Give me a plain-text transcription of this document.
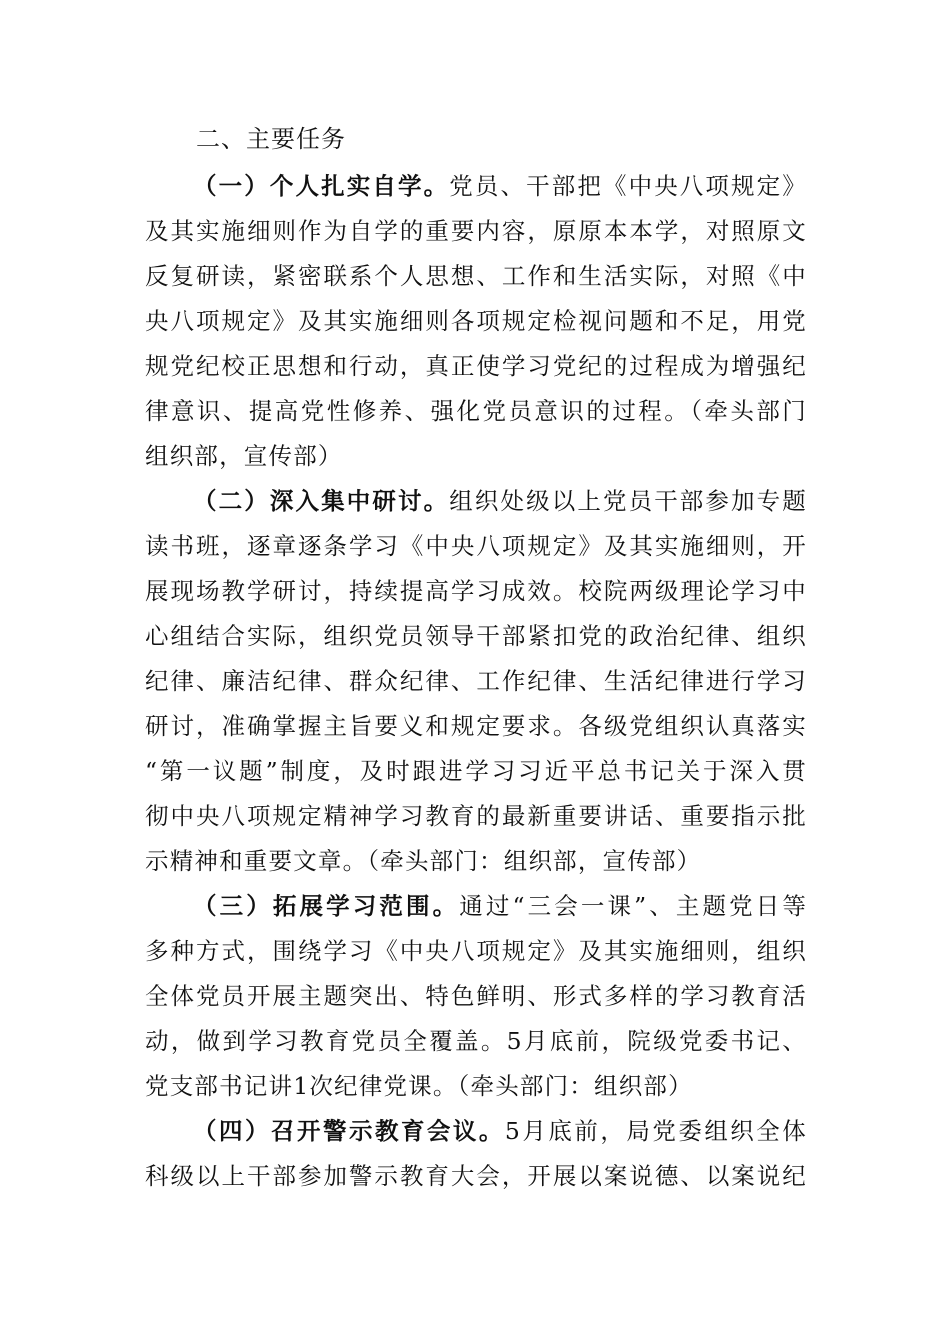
二、主要任务
（一）个人扎实自学。党员、干部把《中央八项规定》
及其实施细则作为自学的重要内容，原原本本学，对照原文
反复研读，紧密联系个人思想、工作和生活实际，对照《中
央八项规定》及其实施细则各项规定检视问题和不足，用党
规党纪校正思想和行动，真正使学习党纪的过程成为增强纪
律意识、提高党性修养、强化党员意识的过程。（牵头部门
组织部，宣传部）
（二）深入集中研讨。组织处级以上党员干部参加专题
读书班，逐章逐条学习《中央八项规定》及其实施细则，开
展现场教学研讨，持续提高学习成效。校院两级理论学习中
心组结合实际，组织党员领导干部紧扣党的政治纪律、组织
纪律、廉洁纪律、群众纪律、工作纪律、生活纪律进行学习
研讨，准确掌握主旨要义和规定要求。各级党组织认真落实
“第一议题”制度，及时跟进学习习近平总书记关于深入贯
彻中央八项规定精神学习教育的最新重要讲话、重要指示批
示精神和重要文章。（牵头部门：组织部，宣传部）
（三）拓展学习范围。通过“三会一课”、主题党日等
多种方式，围绕学习《中央八项规定》及其实施细则，组织
全体党员开展主题突出、特色鲜明、形式多样的学习教育活
动，做到学习教育党员全覆盖。5月底前，院级党委书记、
党支部书记讲1次纪律党课。（牵头部门：组织部）
（四）召开警示教育会议。5月底前，局党委组织全体
科级以上干部参加警示教育大会，开展以案说德、以案说纪
